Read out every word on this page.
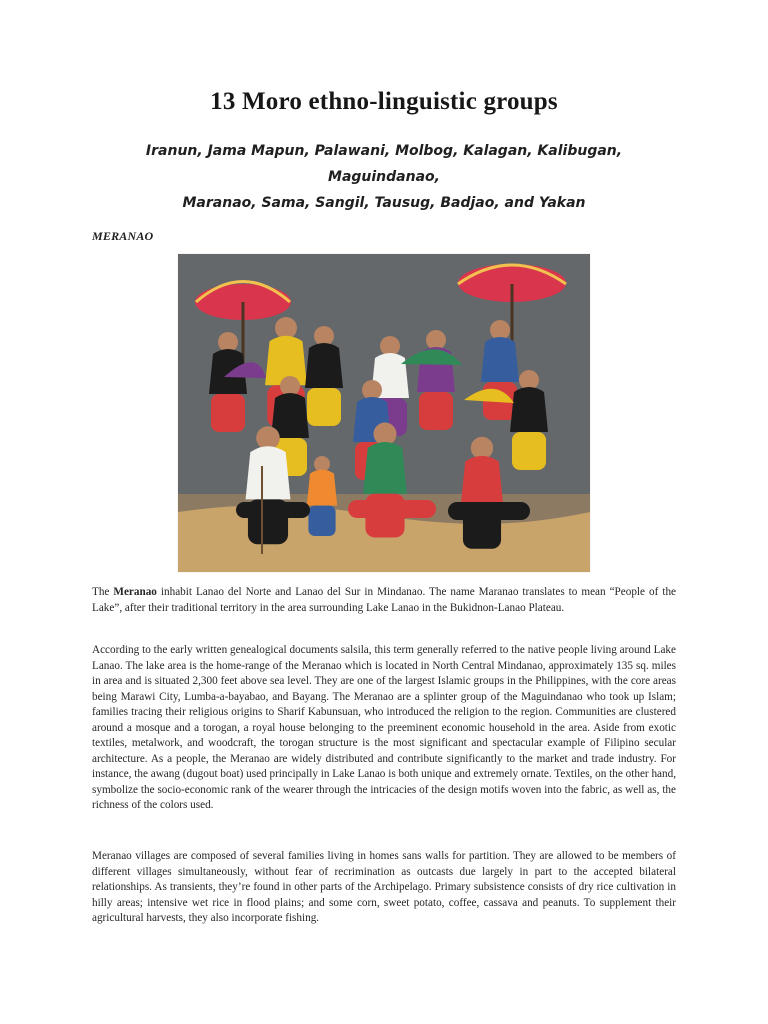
13 Moro ethno-linguistic groups
Iranun, Jama Mapun, Palawani, Molbog, Kalagan, Kalibugan, Maguindanao,
Maranao, Sama, Sangil, Tausug, Badjao, and Yakan
MERANAO

The Meranao inhabit Lanao del Norte and Lanao del Sur in Mindanao. The name Maranao translates to mean “People of the Lake”, after their traditional territory in the area surrounding Lake Lanao in the Bukidnon-Lanao Plateau.

According to the early written genealogical documents salsila, this term generally referred to the native people living around Lake Lanao. The lake area is the home-range of the Meranao which is located in North Central Mindanao, approximately 135 sq. miles in area and is situated 2,300 feet above sea level. They are one of the largest Islamic groups in the Philippines, with the core areas being Marawi City, Lumba-a-bayabao, and Bayang. The Meranao are a splinter group of the Maguindanao who took up Islam; families tracing their religious origins to Sharif Kabunsuan, who introduced the religion to the region. Communities are clustered around a mosque and a torogan, a royal house belonging to the preeminent economic household in the area. Aside from exotic textiles, metalwork, and woodcraft, the torogan structure is the most significant and spectacular example of Filipino secular architecture. As a people, the Meranao are widely distributed and contribute significantly to the market and trade industry. For instance, the awang (dugout boat) used principally in Lake Lanao is both unique and extremely ornate. Textiles, on the other hand, symbolize the socio-economic rank of the wearer through the intricacies of the design motifs woven into the fabric, as well as, the richness of the colors used.

Meranao villages are composed of several families living in homes sans walls for partition. They are allowed to be members of different villages simultaneously, without fear of recrimination as outcasts due largely in part to the accepted bilateral relationships. As transients, they’re found in other parts of the Archipelago. Primary subsistence consists of dry rice cultivation in hilly areas; intensive wet rice in flood plains; and some corn, sweet potato, coffee, cassava and peanuts. To supplement their agricultural harvests, they also incorporate fishing.
